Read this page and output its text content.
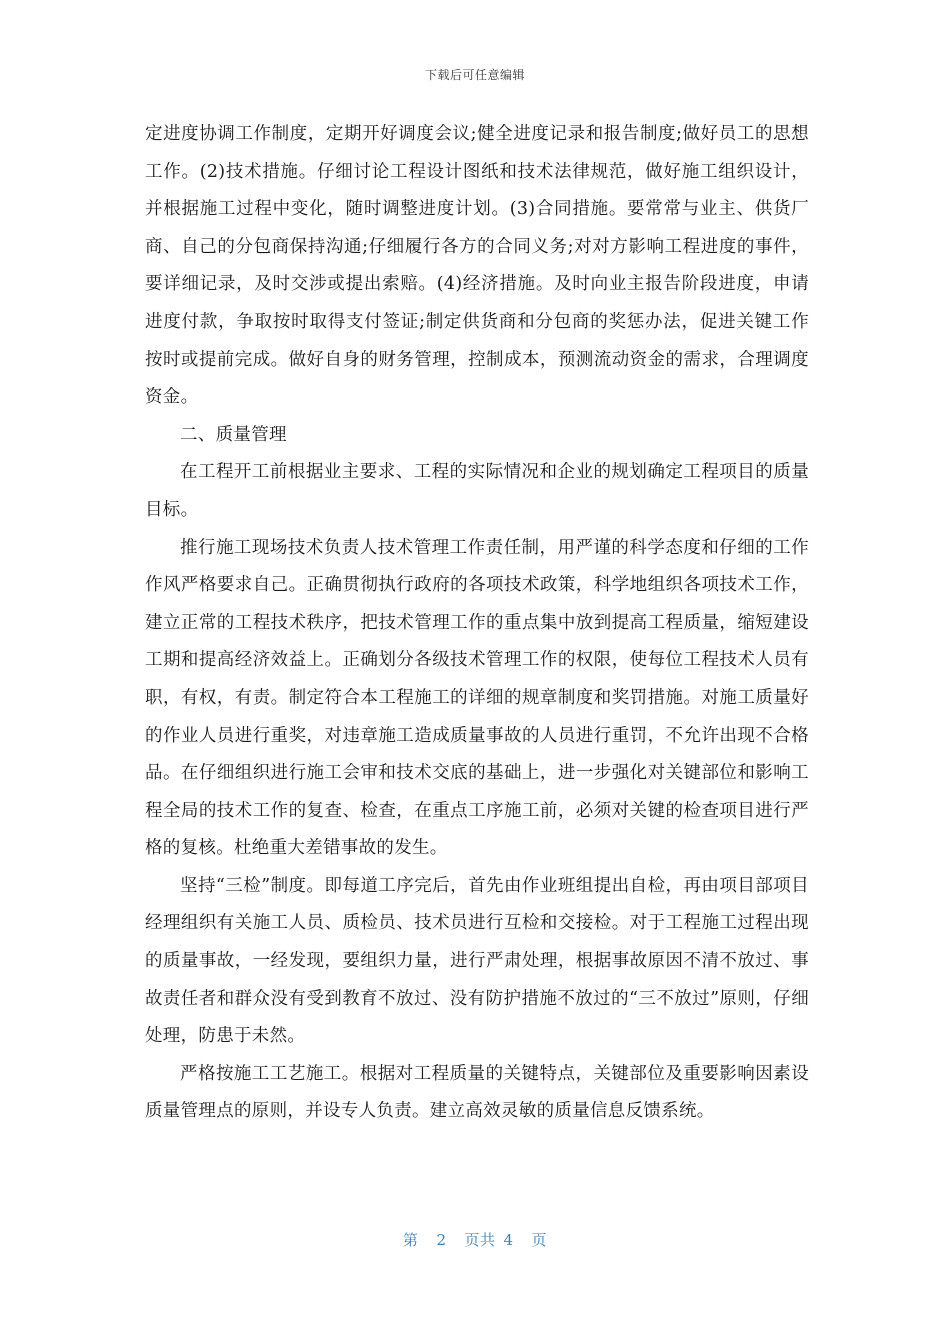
下载后可任意编辑

定进度协调工作制度，定期开好调度会议;健全进度记录和报告制度;做好员工的思想工作。(2)技术措施。仔细讨论工程设计图纸和技术法律规范，做好施工组织设计，并根据施工过程中变化，随时调整进度计划。(3)合同措施。要常常与业主、供货厂商、自己的分包商保持沟通;仔细履行各方的合同义务;对对方影响工程进度的事件，要详细记录，及时交涉或提出索赔。(4)经济措施。及时向业主报告阶段进度，申请进度付款，争取按时取得支付签证;制定供货商和分包商的奖惩办法，促进关键工作按时或提前完成。做好自身的财务管理，控制成本，预测流动资金的需求，合理调度资金。

二、质量管理

在工程开工前根据业主要求、工程的实际情况和企业的规划确定工程项目的质量目标。

推行施工现场技术负责人技术管理工作责任制，用严谨的科学态度和仔细的工作作风严格要求自己。正确贯彻执行政府的各项技术政策，科学地组织各项技术工作，建立正常的工程技术秩序，把技术管理工作的重点集中放到提高工程质量，缩短建设工期和提高经济效益上。正确划分各级技术管理工作的权限，使每位工程技术人员有职，有权，有责。制定符合本工程施工的详细的规章制度和奖罚措施。对施工质量好的作业人员进行重奖，对违章施工造成质量事故的人员进行重罚，不允许出现不合格品。在仔细组织进行施工会审和技术交底的基础上，进一步强化对关键部位和影响工程全局的技术工作的复查、检查，在重点工序施工前，必须对关键的检查项目进行严格的复核。杜绝重大差错事故的发生。

坚持“三检”制度。即每道工序完后，首先由作业班组提出自检，再由项目部项目经理组织有关施工人员、质检员、技术员进行互检和交接检。对于工程施工过程出现的质量事故，一经发现，要组织力量，进行严肃处理，根据事故原因不清不放过、事故责任者和群众没有受到教育不放过、没有防护措施不放过的“三不放过”原则，仔细处理，防患于未然。

严格按施工工艺施工。根据对工程质量的关键特点，关键部位及重要影响因素设质量管理点的原则，并设专人负责。建立高效灵敏的质量信息反馈系统。

第 2 页共 4 页
